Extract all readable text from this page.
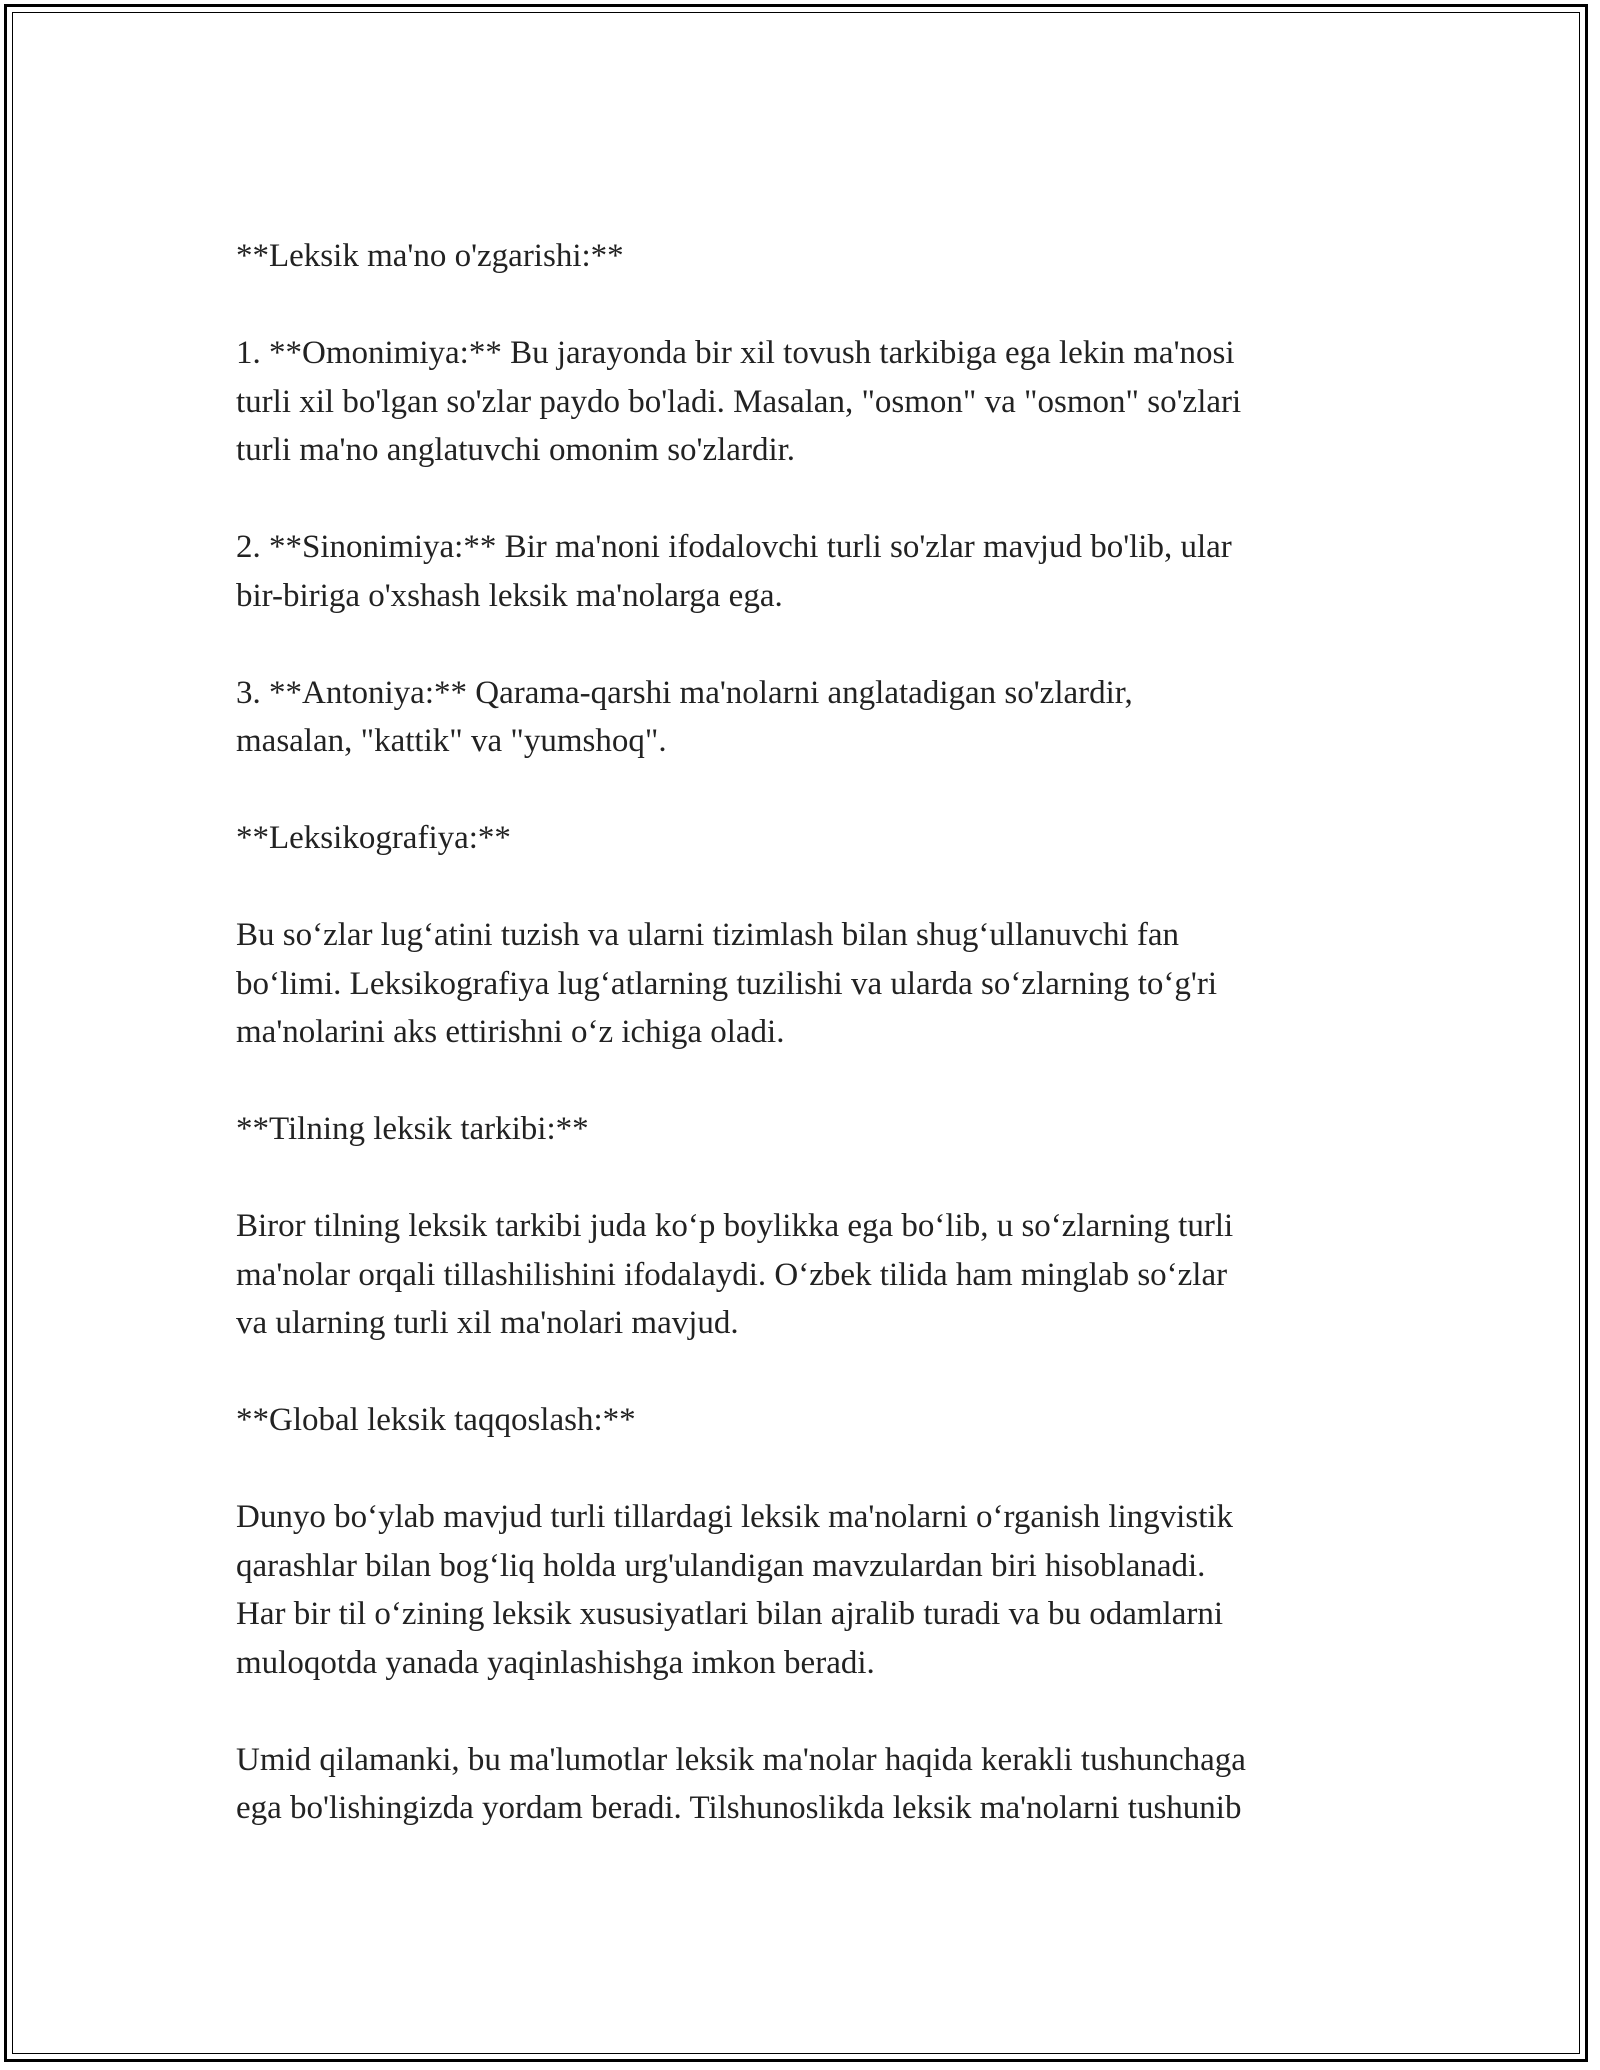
**Leksik ma'no o'zgarishi:**

1. **Omonimiya:** Bu jarayonda bir xil tovush tarkibiga ega lekin ma'nosi
turli xil bo'lgan so'zlar paydo bo'ladi. Masalan, "osmon" va "osmon" so'zlari
turli ma'no anglatuvchi omonim so'zlardir.

2. **Sinonimiya:** Bir ma'noni ifodalovchi turli so'zlar mavjud bo'lib, ular
bir-biriga o'xshash leksik ma'nolarga ega.

3. **Antoniya:** Qarama-qarshi ma'nolarni anglatadigan so'zlardir,
masalan, "kattik" va "yumshoq".

**Leksikografiya:**

Bu so‘zlar lug‘atini tuzish va ularni tizimlash bilan shug‘ullanuvchi fan
bo‘limi. Leksikografiya lug‘atlarning tuzilishi va ularda so‘zlarning to‘g'ri
ma'nolarini aks ettirishni o‘z ichiga oladi.

**Tilning leksik tarkibi:**

Biror tilning leksik tarkibi juda ko‘p boylikka ega bo‘lib, u so‘zlarning turli
ma'nolar orqali tillashilishini ifodalaydi. O‘zbek tilida ham minglab so‘zlar
va ularning turli xil ma'nolari mavjud.

**Global leksik taqqoslash:**

Dunyo bo‘ylab mavjud turli tillardagi leksik ma'nolarni o‘rganish lingvistik
qarashlar bilan bog‘liq holda urg'ulandigan mavzulardan biri hisoblanadi.
Har bir til o‘zining leksik xususiyatlari bilan ajralib turadi va bu odamlarni
muloqotda yanada yaqinlashishga imkon beradi.

Umid qilamanki, bu ma'lumotlar leksik ma'nolar haqida kerakli tushunchaga
ega bo'lishingizda yordam beradi. Tilshunoslikda leksik ma'nolarni tushunib
